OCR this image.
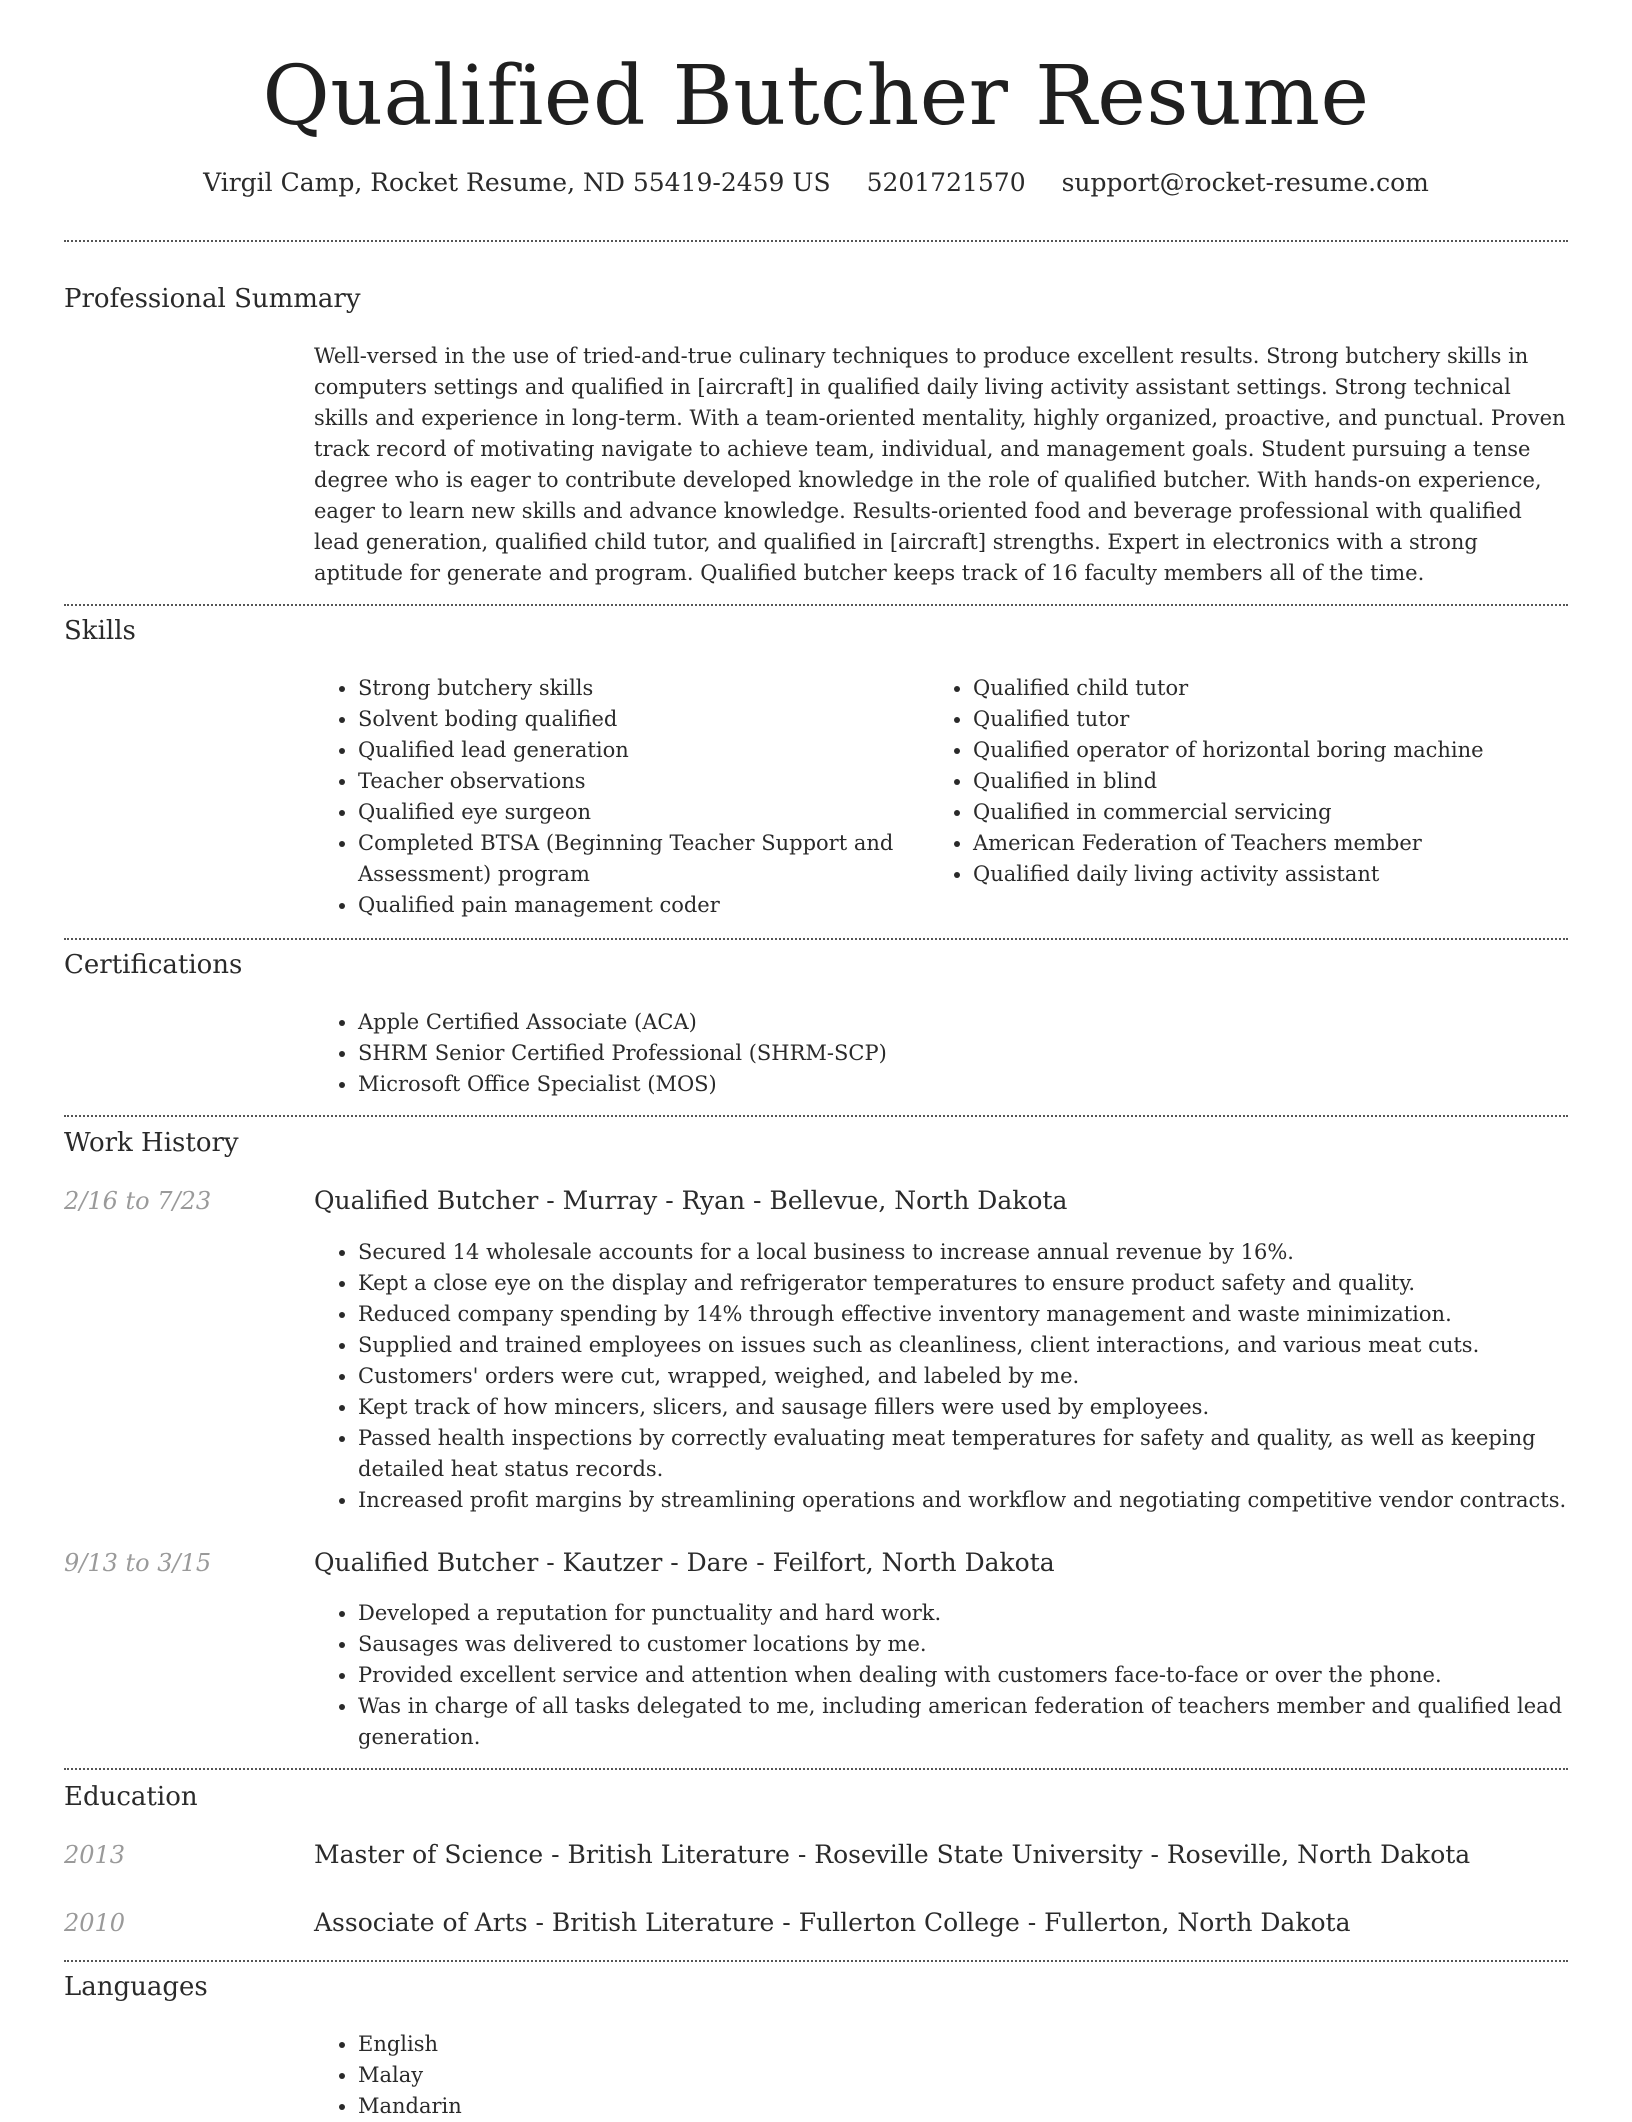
Qualified Butcher Resume
Virgil Camp, Rocket Resume, ND 55419-2459 US 5201721570 support@rocket-resume.com
Professional Summary

Well-versed in the use of tried-and-true culinary techniques to produce excellent results. Strong butchery skills in computers settings and qualified in [aircraft] in qualified daily living activity assistant settings. Strong technical skills and experience in long-term. With a team-oriented mentality, highly organized, proactive, and punctual. Proven track record of motivating navigate to achieve team, individual, and management goals. Student pursuing a tense degree who is eager to contribute developed knowledge in the role of qualified butcher. With hands-on experience, eager to learn new skills and advance knowledge. Results-oriented food and beverage professional with qualified lead generation, qualified child tutor, and qualified in [aircraft] strengths. Expert in electronics with a strong aptitude for generate and program. Qualified butcher keeps track of 16 faculty members all of the time.

Skills
• Strong butchery skills
• Solvent boding qualified
• Qualified lead generation
• Teacher observations
• Qualified eye surgeon
• Completed BTSA (Beginning Teacher Support and Assessment) program
• Qualified pain management coder
• Qualified child tutor
• Qualified tutor
• Qualified operator of horizontal boring machine
• Qualified in blind
• Qualified in commercial servicing
• American Federation of Teachers member
• Qualified daily living activity assistant
Certifications
• Apple Certified Associate (ACA)
• SHRM Senior Certified Professional (SHRM-SCP)
• Microsoft Office Specialist (MOS)
Work History
2/16 to 7/23	Qualified Butcher - Murray - Ryan - Bellevue, North Dakota
• Secured 14 wholesale accounts for a local business to increase annual revenue by 16%.
• Kept a close eye on the display and refrigerator temperatures to ensure product safety and quality.
• Reduced company spending by 14% through effective inventory management and waste minimization.
• Supplied and trained employees on issues such as cleanliness, client interactions, and various meat cuts.
• Customers' orders were cut, wrapped, weighed, and labeled by me.
• Kept track of how mincers, slicers, and sausage fillers were used by employees.
• Passed health inspections by correctly evaluating meat temperatures for safety and quality, as well as keeping detailed heat status records.
• Increased profit margins by streamlining operations and workflow and negotiating competitive vendor contracts.
9/13 to 3/15	Qualified Butcher - Kautzer - Dare - Feilfort, North Dakota
• Developed a reputation for punctuality and hard work.
• Sausages was delivered to customer locations by me.
• Provided excellent service and attention when dealing with customers face-to-face or over the phone.
• Was in charge of all tasks delegated to me, including american federation of teachers member and qualified lead generation.
Education
2013	Master of Science - British Literature - Roseville State University - Roseville, North Dakota
2010	Associate of Arts - British Literature - Fullerton College - Fullerton, North Dakota
Languages
• English
• Malay
• Mandarin
